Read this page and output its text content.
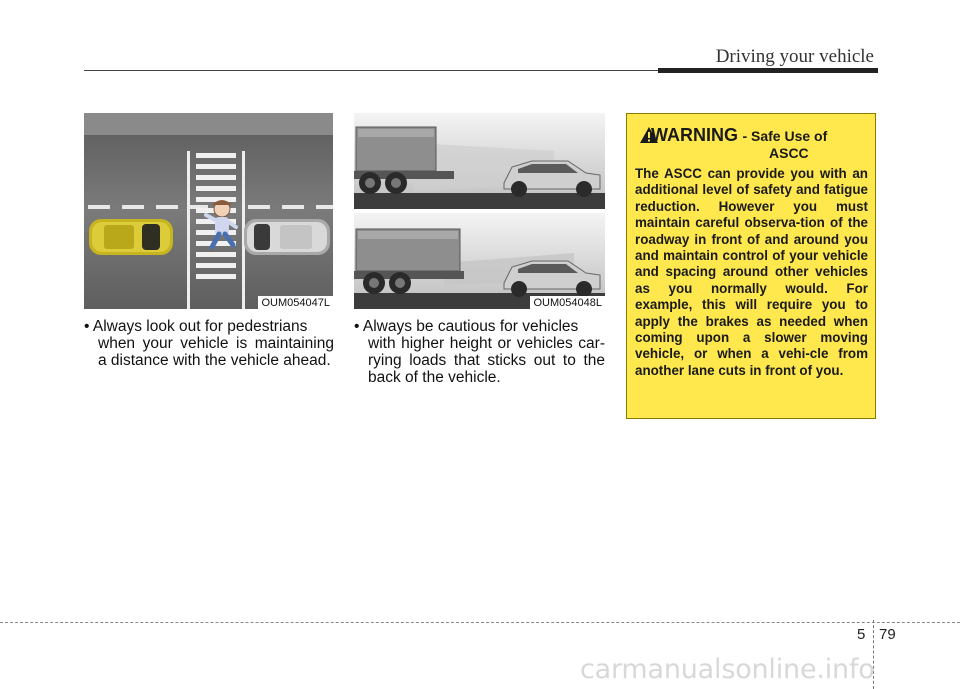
Driving your vehicle
OUM054047L	OUM054048L
• Always look out for pedestrians
when your vehicle is maintaining a distance with the vehicle ahead.
• Always be cautious for vehicles
with higher height or vehicles car-rying loads that sticks out to the back of the vehicle.
WARNING - Safe Use of
ASCC
The ASCC can provide you with an additional level of safety and fatigue reduction. However you must maintain careful observa-tion of the roadway in front of and around you and maintain control of your vehicle and spacing around other vehicles as you normally would. For example, this will require you to apply the brakes as needed when coming upon a slower moving vehicle, or when a vehi-cle from another lane cuts in front of you.
5 79
carmanualsonline.info
